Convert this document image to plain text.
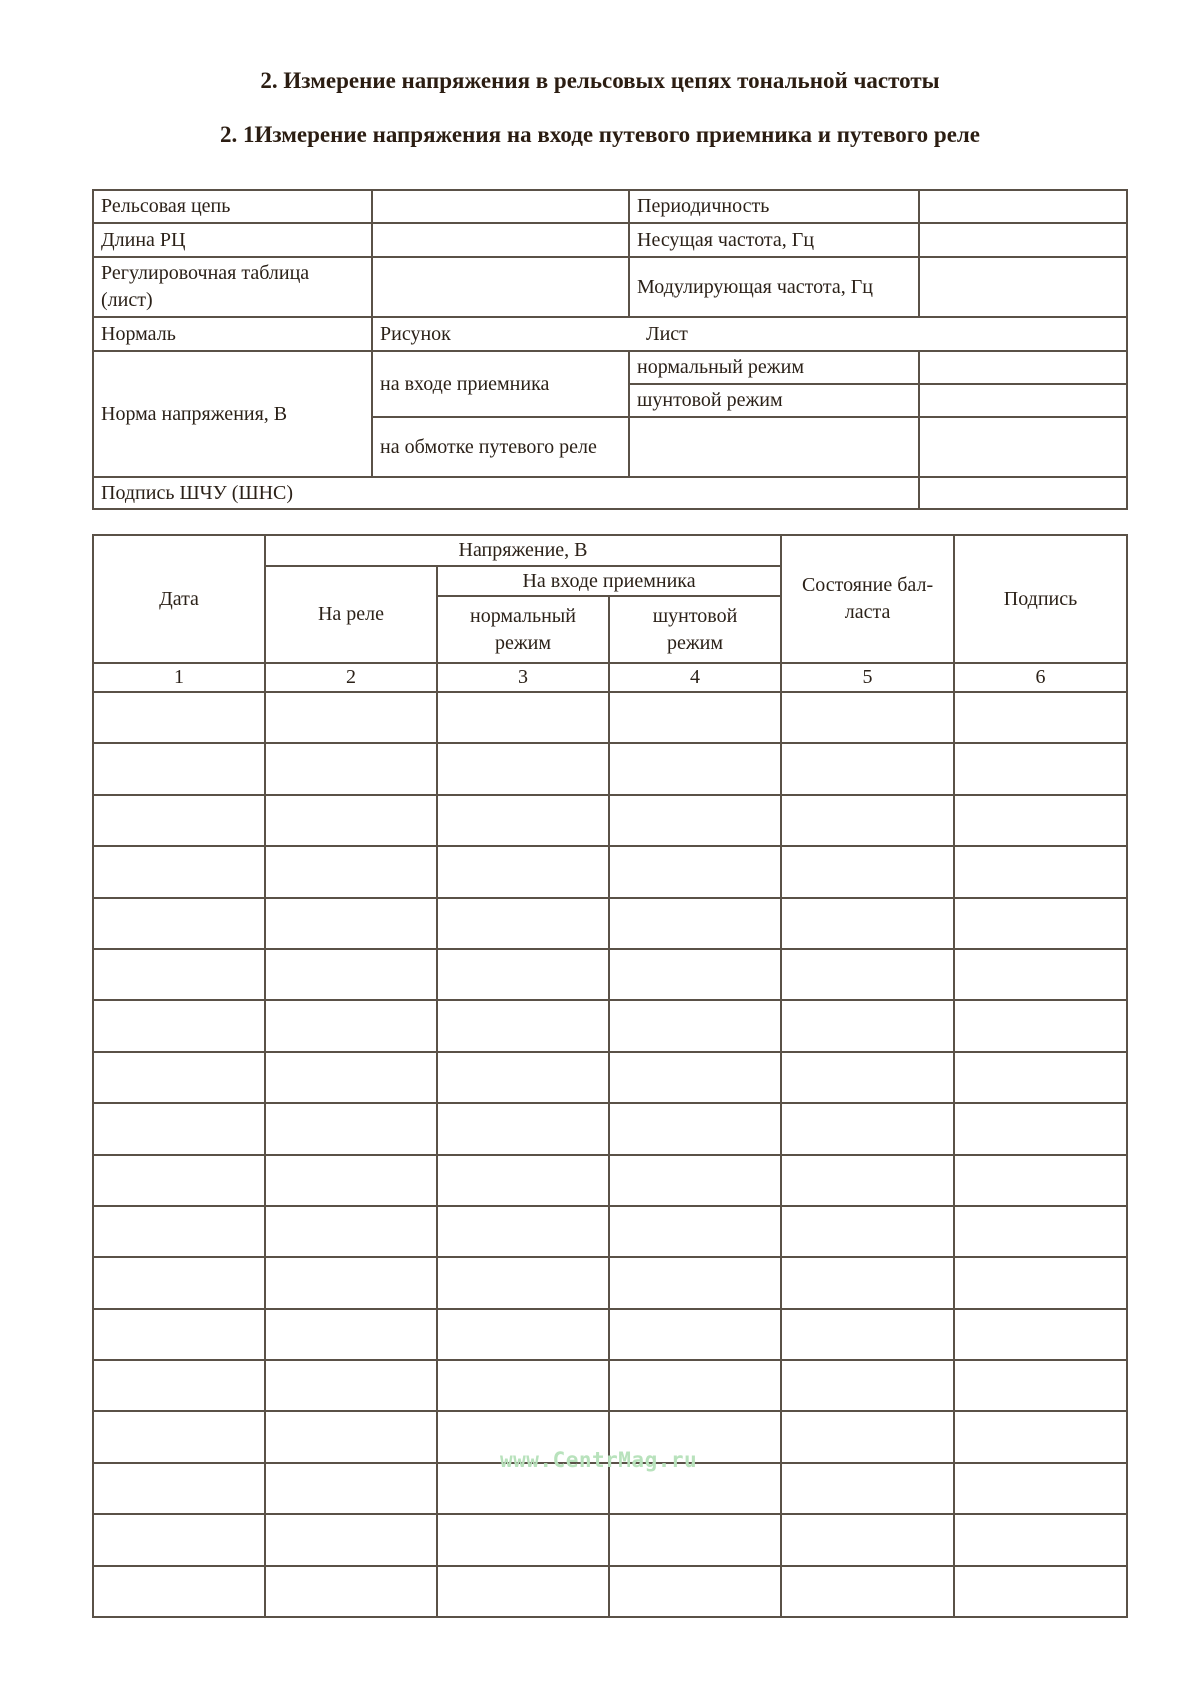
2. Измерение напряжения в рельсовых цепях тональной частоты
2. 1Измерение напряжения на входе путевого приемника и путевого реле
Рельсовая цепь		Периодичность	
Длина РЦ		Несущая частота, Гц	
Регулировочная таблица (лист)		Модулирующая частота, Гц	
Нормаль	Рисунок Лист		
Норма напряжения, В	на входе приемника	нормальный режим	
		шунтовой режим	
	на обмотке путевого реле		
Подпись ШЧУ (ШНС)			
Дата	Напряжение, В			Состояние бал-ласта	Подпись
	На реле	На входе приемника			
		нормальный режим	шунтовой режим		
1	2	3	4	5	6

www.CentrMag.ru
